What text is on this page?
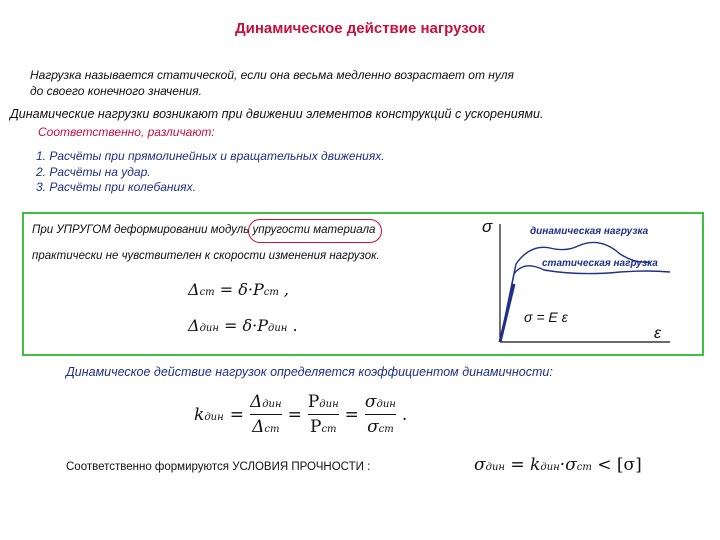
Динамическое действие нагрузок
Нагрузка называется статической, если она весьма медленно возрастает от нуля
до своего конечного значения.
Динамические нагрузки возникают при движении элементов конструкций с ускорениями.
Соответственно, различают:
1. Расчёты при прямолинейных и вращательных движениях.
2. Расчёты на удар.
3. Расчёты при колебаниях.
При УПРУГОМ деформировании модуль упругости материала
практически не чувствителен к скорости изменения нагрузок.
Δст = δ·Pст ,
Δдин = δ·Pдин .
σ
ε
динамическая нагрузка
статическая нагрузка
σ = E ε
Динамическое действие нагрузок определяется коэффициентом динамичности:
kдин = $\frac{\text{Δдин}}{\text{Δст}} = \frac{\text{Pдин}}{\text{Pст}} = \frac{\text{σдин}}{\text{σст}}$ .
Соответственно формируются УСЛОВИЯ ПРОЧНОСТИ :	σдин = kдин·σст < [σ]
